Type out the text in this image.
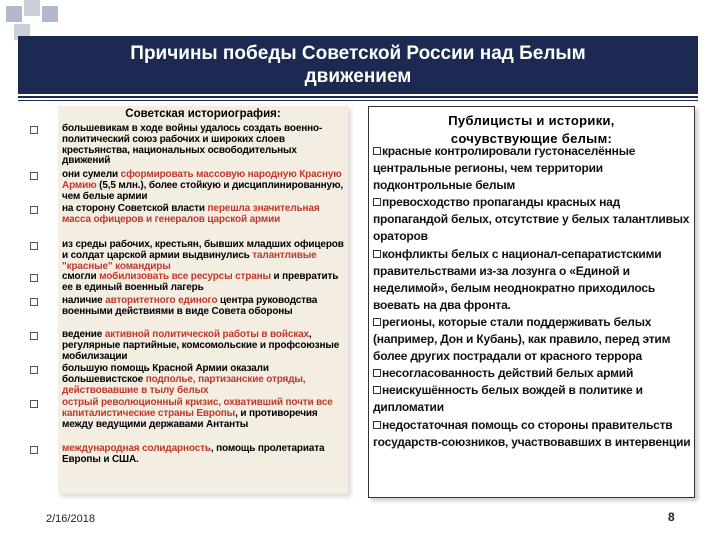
Причины победы Советской России над Белым
движением
Советская историография:
большевикам в ходе войны удалось создать военно-политический союз рабочих и широких слоев крестьянства, национальных освободительных движений
они сумели сформировать массовую народную Красную Армию (5,5 млн.), более стойкую и дисциплинированную, чем белые армии
на сторону Советской власти перешла значительная масса офицеров и генералов царской армии
из среды рабочих, крестьян, бывших младших офицеров и солдат царской армии выдвинулись талантливые "красные" командиры
смогли мобилизовать все ресурсы страны и превратить ее в единый военный лагерь
наличие авторитетного единого центра руководства военными действиями в виде Совета обороны
ведение активной политической работы в войсках, регулярные партийные, комсомольские и профсоюзные мобилизации
большую помощь Красной Армии оказали большевистское подполье, партизанские отряды, действовавшие в тылу белых
острый революционный кризис, охвативший почти все капиталистические страны Европы, и противоречия между ведущими державами Антанты
международная солидарность, помощь пролетариата Европы и США.
Публицисты и историки,
сочувствующие белым:
красные контролировали густонаселённые центральные регионы, чем территории подконтрольные белым
превосходство пропаганды красных над пропагандой белых, отсутствие у белых талантливых ораторов
конфликты белых с национал-сепаратистскими правительствами из-за лозунга о «Единой и неделимой», белым неоднократно приходилось воевать на два фронта.
регионы, которые стали поддерживать белых (например, Дон и Кубань), как правило, перед этим более других пострадали от красного террора
несогласованность действий белых армий
неискушённость белых вождей в политике и дипломатии
недостаточная помощь со стороны правительств государств-союзников, участвовавших в интервенции
2/16/2018	8
